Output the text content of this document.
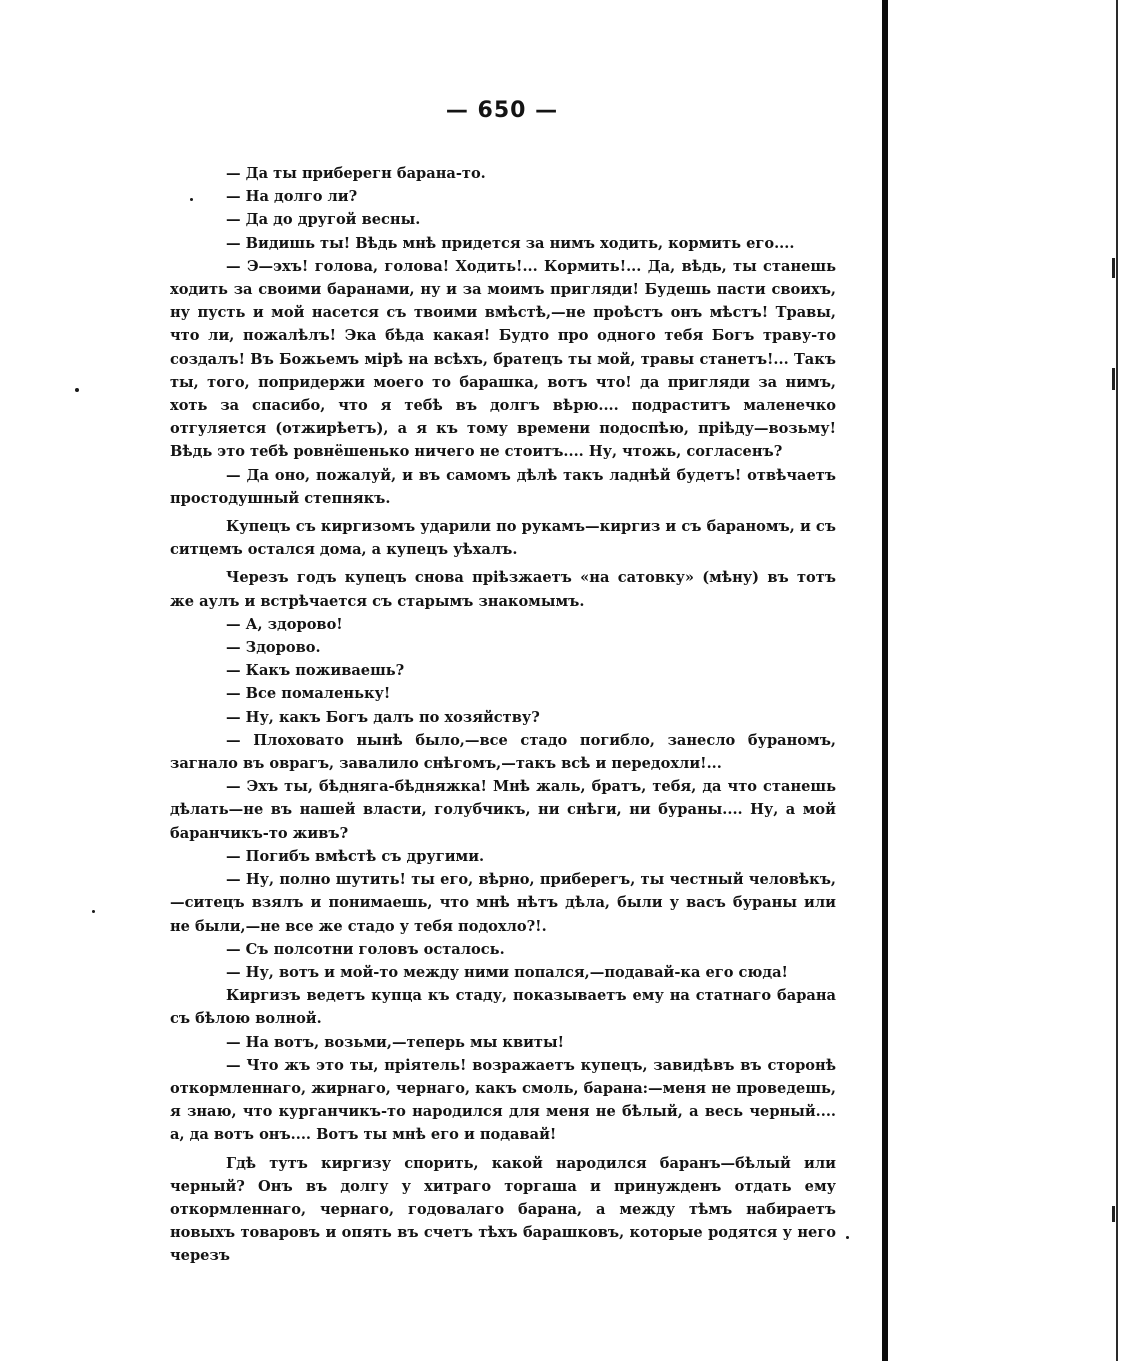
— 650 —

— Да ты приберегн барана-то.

— На долго ли?

— Да до другой весны.

— Видишь ты! Вѣдь мнѣ придется за нимъ ходить, кормить его....

— Э—эхъ! голова, голова! Ходить!... Кормить!... Да, вѣдь, ты станешь ходить за своими баранами, ну и за моимъ пригляди! Будешь пасти своихъ, ну пусть и мой насется съ твоими вмѣстѣ,—не проѣстъ онъ мѣстъ! Травы, что ли, пожалѣлъ! Эка бѣда какая! Будто про одного тебя Богъ траву-то создалъ! Въ Божьемъ мірѣ на всѣхъ, братецъ ты мой, травы станетъ!... Такъ ты, того, попридержи моего то барашка, вотъ что! да пригляди за нимъ, хоть за спасибо, что я тебѣ въ долгъ вѣрю.... подраститъ маленечко отгуляется (отжирѣетъ), а я къ тому времени подоспѣю, пріѣду—возьму! Вѣдь это тебѣ ровнёшенько ничего не стоитъ.... Ну, чтожь, согласенъ?

— Да оно, пожалуй, и въ самомъ дѣлѣ такъ ладнѣй будетъ! отвѣчаетъ простодушный степнякъ.

Купецъ съ киргизомъ ударили по рукамъ—киргиз и съ бараномъ, и съ ситцемъ остался дома, а купецъ уѣхалъ.

Черезъ годъ купецъ снова пріѣзжаетъ «на сатовку» (мѣну) въ тотъ же аулъ и встрѣчается съ старымъ знакомымъ.

— А, здорово!

— Здорово.

— Какъ поживаешь?

— Все помаленьку!

— Ну, какъ Богъ далъ по хозяйству?

— Плоховато нынѣ было,—все стадо погибло, занесло бураномъ, загнало въ оврагъ, завалило снѣгомъ,—такъ всѣ и передохли!...

— Эхъ ты, бѣдняга-бѣдняжка! Мнѣ жаль, братъ, тебя, да что станешь дѣлать—не въ нашей власти, голубчикъ, ни снѣги, ни бураны.... Ну, а мой баранчикъ-то живъ?

— Погибъ вмѣстѣ съ другими.

— Ну, полно шутить! ты его, вѣрно, приберегъ, ты честный человѣкъ,—ситецъ взялъ и понимаешь, что мнѣ нѣтъ дѣла, были у васъ бураны или не были,—не все же стадо у тебя подохло?!.

— Съ полсотни головъ осталось.

— Ну, вотъ и мой-то между ними попался,—подавай-ка его сюда!

Киргизъ ведетъ купца къ стаду, показываетъ ему на статнаго барана съ бѣлою волной.

— На вотъ, возьми,—теперь мы квиты!

— Что жъ это ты, пріятель! возражаетъ купецъ, завидѣвъ въ сторонѣ откормленнаго, жирнаго, чернаго, какъ смоль, барана:—меня не проведешь, я знаю, что курганчикъ-то народился для меня не бѣлый, а весь черный.... а, да вотъ онъ.... Вотъ ты мнѣ его и подавай!

Гдѣ тутъ киргизу спорить, какой народился баранъ—бѣлый или черный? Онъ въ долгу у хитраго торгаша и принужденъ отдать ему откормленнаго, чернаго, годовалаго барана, а между тѣмъ набираетъ новыхъ товаровъ и опять въ счетъ тѣхъ барашковъ, которые родятся у него черезъ
